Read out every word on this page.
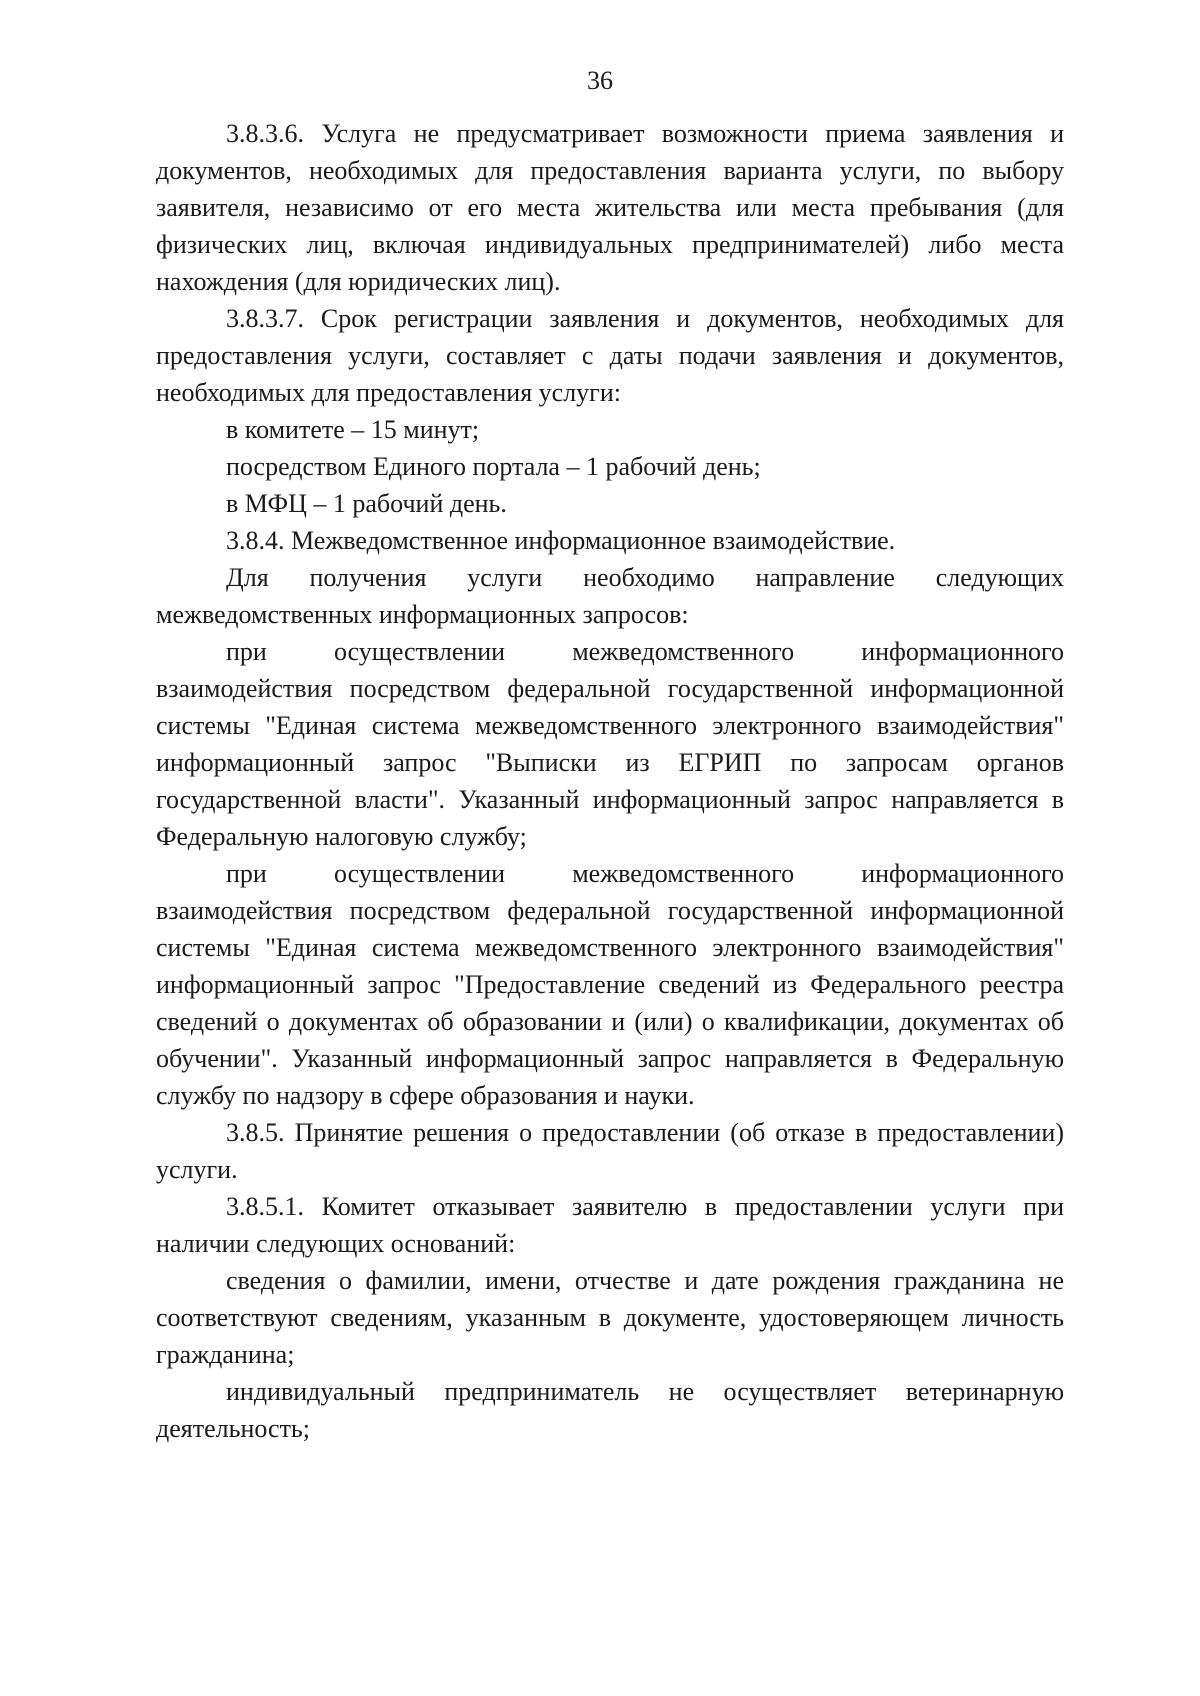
36

3.8.3.6. Услуга не предусматривает возможности приема заявления и документов, необходимых для предоставления варианта услуги, по выбору заявителя, независимо от его места жительства или места пребывания (для физических лиц, включая индивидуальных предпринимателей) либо места нахождения (для юридических лиц).

3.8.3.7. Срок регистрации заявления и документов, необходимых для предоставления услуги, составляет с даты подачи заявления и документов, необходимых для предоставления услуги:

в комитете – 15 минут;

посредством Единого портала – 1 рабочий день;

в МФЦ – 1 рабочий день.

3.8.4. Межведомственное информационное взаимодействие.

Для получения услуги необходимо направление следующих межведомственных информационных запросов:

при осуществлении межведомственного информационного взаимодействия посредством федеральной государственной информационной системы "Единая система межведомственного электронного взаимодействия" информационный запрос "Выписки из ЕГРИП по запросам органов государственной власти". Указанный информационный запрос направляется в Федеральную налоговую службу;

при осуществлении межведомственного информационного взаимодействия посредством федеральной государственной информационной системы "Единая система межведомственного электронного взаимодействия" информационный запрос "Предоставление сведений из Федерального реестра сведений о документах об образовании и (или) о квалификации, документах об обучении". Указанный информационный запрос направляется в Федеральную службу по надзору в сфере образования и науки.

3.8.5. Принятие решения о предоставлении (об отказе в предоставлении) услуги.

3.8.5.1. Комитет отказывает заявителю в предоставлении услуги при наличии следующих оснований:

сведения о фамилии, имени, отчестве и дате рождения гражданина не соответствуют сведениям, указанным в документе, удостоверяющем личность гражданина;

индивидуальный предприниматель не осуществляет ветеринарную деятельность;
